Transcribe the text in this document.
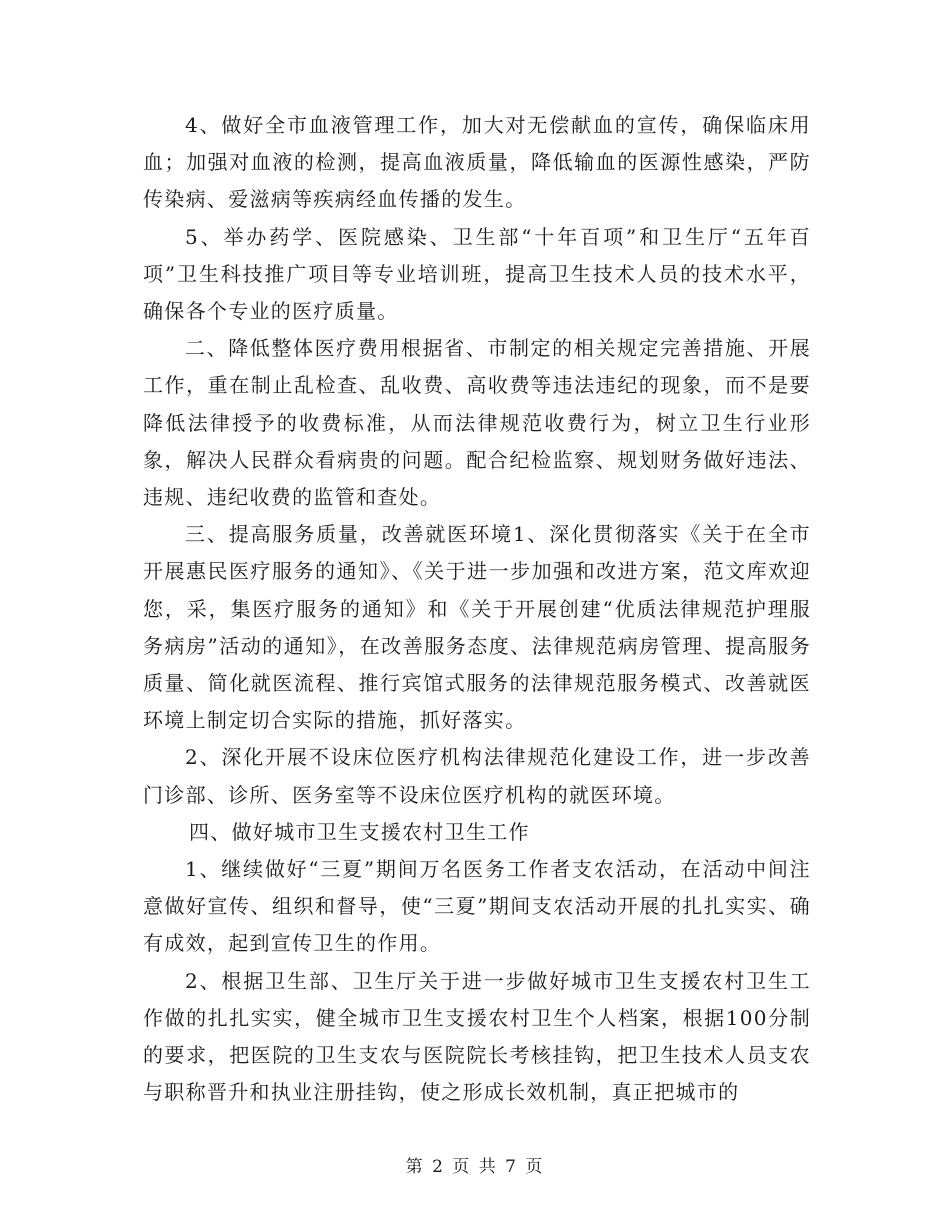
4、做好全市血液管理工作，加大对无偿献血的宣传，确保临床用血；加强对血液的检测，提高血液质量，降低输血的医源性感染，严防传染病、爱滋病等疾病经血传播的发生。

5、举办药学、医院感染、卫生部“十年百项”和卫生厅“五年百项”卫生科技推广项目等专业培训班，提高卫生技术人员的技术水平，确保各个专业的医疗质量。

二、降低整体医疗费用根据省、市制定的相关规定完善措施、开展工作，重在制止乱检查、乱收费、高收费等违法违纪的现象，而不是要降低法律授予的收费标准，从而法律规范收费行为，树立卫生行业形象，解决人民群众看病贵的问题。配合纪检监察、规划财务做好违法、违规、违纪收费的监管和查处。

三、提高服务质量，改善就医环境1、深化贯彻落实《关于在全市开展惠民医疗服务的通知》、《关于进一步加强和改进方案，范文库欢迎您，采，集医疗服务的通知》和《关于开展创建“优质法律规范护理服务病房”活动的通知》，在改善服务态度、法律规范病房管理、提高服务质量、简化就医流程、推行宾馆式服务的法律规范服务模式、改善就医环境上制定切合实际的措施，抓好落实。

2、深化开展不设床位医疗机构法律规范化建设工作，进一步改善门诊部、诊所、医务室等不设床位医疗机构的就医环境。

四、做好城市卫生支援农村卫生工作

1、继续做好“三夏”期间万名医务工作者支农活动，在活动中间注意做好宣传、组织和督导，使“三夏”期间支农活动开展的扎扎实实、确有成效，起到宣传卫生的作用。

2、根据卫生部、卫生厅关于进一步做好城市卫生支援农村卫生工作做的扎扎实实，健全城市卫生支援农村卫生个人档案，根据100分制的要求，把医院的卫生支农与医院院长考核挂钩，把卫生技术人员支农与职称晋升和执业注册挂钩，使之形成长效机制，真正把城市的

第 2 页 共 7 页
